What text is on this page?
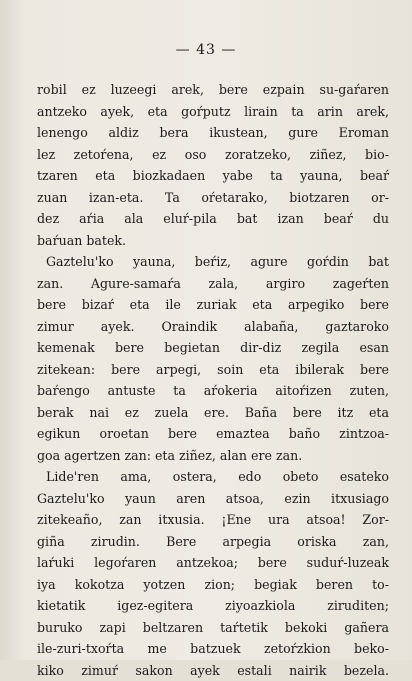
— 43 —
robil ez luzeegi arek, bere ezpain su-gaŕaren
antzeko ayek, eta goŕputz lirain ta arin arek,
lenengo aldiz bera ikustean, gure Eroman
lez zetoŕena, ez oso zoratzeko, ziñez, bio-
tzaren eta biozkadaen yabe ta yauna, beaŕ
zuan izan-eta. Ta oŕetarako, biotzaren or-
dez aŕia ala eluŕ-pila bat izan beaŕ du
baŕuan batek.
Gaztelu'ko yauna, beŕiz, agure goŕdin bat
zan. Agure-samaŕa zala, argiro zageŕten
bere bizaŕ eta ile zuriak eta arpegiko bere
zimur ayek. Oraindik alabaña, gaztaroko
kemenak bere begietan dir-diz zegila esan
zitekean: bere arpegi, soin eta ibilerak bere
baŕengo antuste ta aŕokeria aitoŕizen zuten,
berak nai ez zuela ere. Baña bere itz eta
egikun oroetan bere emaztea baño zintzoa-
goa agertzen zan: eta ziñez, alan ere zan.
Lide'ren ama, ostera, edo obeto esateko
Gaztelu'ko yaun aren atsoa, ezin itxusiago
zitekeaño, zan itxusia. ¡Ene ura atsoa! Zor-
giña zirudin. Bere arpegia oriska zan,
laŕuki legoŕaren antzekoa; bere suduŕ-luzeak
iya kokotza yotzen zion; begiak beren to-
kietatik igez-egitera ziyoazkiola ziruditen;
buruko zapi beltzaren taŕtetik bekoki gañera
ile-zuri-txoŕta me batzuek zetoŕzkion beko-
kiko zimuŕ sakon ayek estali nairik bezela.
